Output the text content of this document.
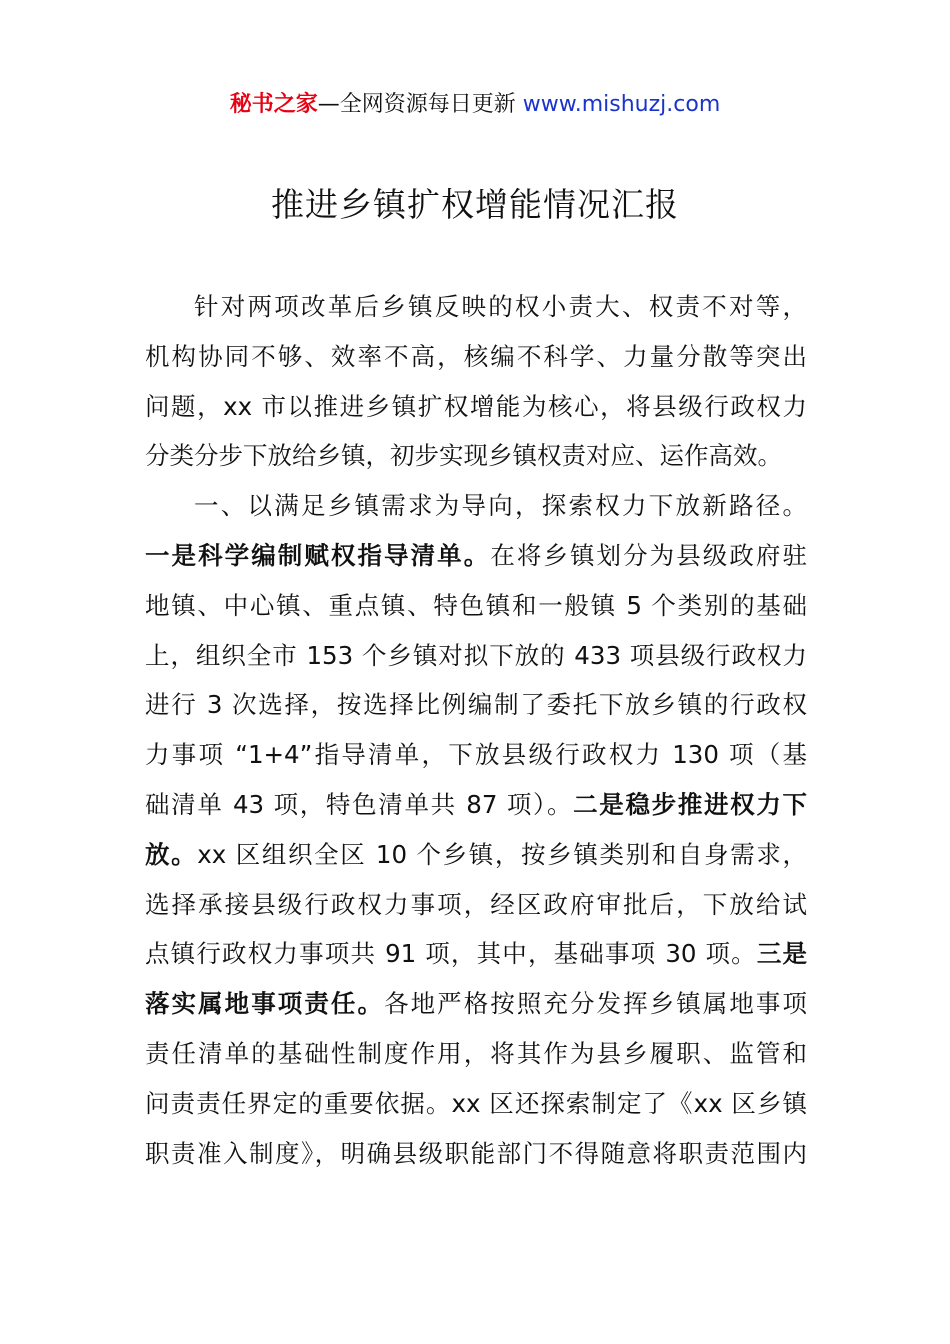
秘书之家—全网资源每日更新 www.mishuzj.com
推进乡镇扩权增能情况汇报
针对两项改革后乡镇反映的权小责大、权责不对等，
机构协同不够、效率不高，核编不科学、力量分散等突出
问题，xx 市以推进乡镇扩权增能为核心，将县级行政权力
分类分步下放给乡镇，初步实现乡镇权责对应、运作高效。
一、以满足乡镇需求为导向，探索权力下放新路径。
一是科学编制赋权指导清单。在将乡镇划分为县级政府驻
地镇、中心镇、重点镇、特色镇和一般镇 5 个类别的基础
上，组织全市 153 个乡镇对拟下放的 433 项县级行政权力
进行 3 次选择，按选择比例编制了委托下放乡镇的行政权
力事项 “1+4”指导清单，下放县级行政权力 130 项（基
础清单 43 项，特色清单共 87 项）。二是稳步推进权力下
放。xx 区组织全区 10 个乡镇，按乡镇类别和自身需求，
选择承接县级行政权力事项，经区政府审批后，下放给试
点镇行政权力事项共 91 项，其中，基础事项 30 项。三是
落实属地事项责任。各地严格按照充分发挥乡镇属地事项
责任清单的基础性制度作用，将其作为县乡履职、监管和
问责责任界定的重要依据。xx 区还探索制定了《xx 区乡镇
职责准入制度》，明确县级职能部门不得随意将职责范围内
